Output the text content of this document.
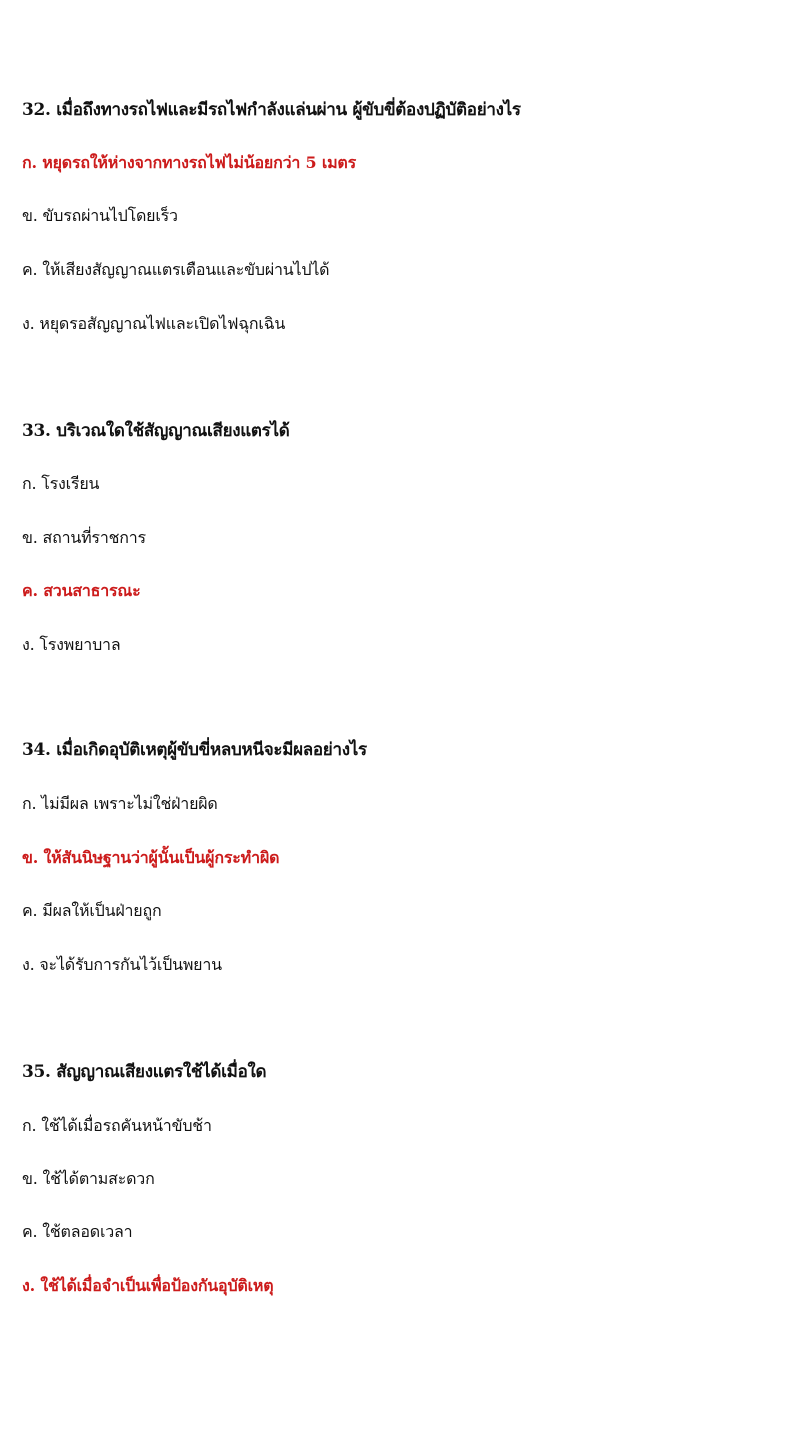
32. เมื่อถึงทางรถไฟและมีรถไฟกำลังแล่นผ่าน ผู้ขับขี่ต้องปฏิบัติอย่างไร
ก. หยุดรถให้ห่างจากทางรถไฟไม่น้อยกว่า 5 เมตร
ข. ขับรถผ่านไปโดยเร็ว
ค. ให้เสียงสัญญาณแตรเตือนและขับผ่านไปได้
ง. หยุดรอสัญญาณไฟและเปิดไฟฉุกเฉิน
33. บริเวณใดใช้สัญญาณเสียงแตรได้
ก. โรงเรียน
ข. สถานที่ราชการ
ค. สวนสาธารณะ
ง. โรงพยาบาล
34. เมื่อเกิดอุบัติเหตุผู้ขับขี่หลบหนีจะมีผลอย่างไร
ก. ไม่มีผล เพราะไม่ใช่ฝ่ายผิด
ข. ให้สันนิษฐานว่าผู้นั้นเป็นผู้กระทำผิด
ค. มีผลให้เป็นฝ่ายถูก
ง. จะได้รับการกันไว้เป็นพยาน
35. สัญญาณเสียงแตรใช้ได้เมื่อใด
ก. ใช้ได้เมื่อรถคันหน้าขับช้า
ข. ใช้ได้ตามสะดวก
ค. ใช้ตลอดเวลา
ง. ใช้ได้เมื่อจำเป็นเพื่อป้องกันอุบัติเหตุ
